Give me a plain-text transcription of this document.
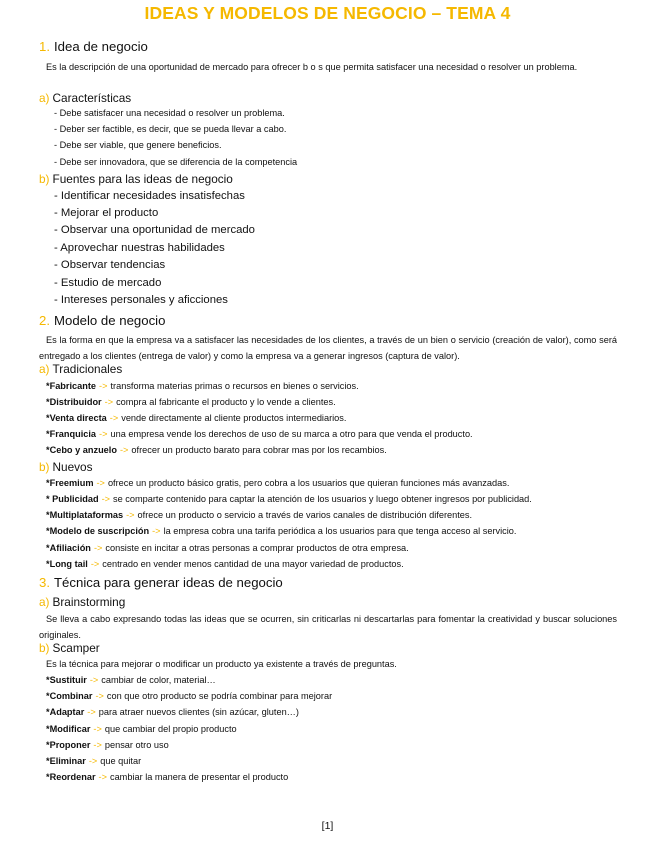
IDEAS Y MODELOS DE NEGOCIO – TEMA 4
1. Idea de negocio
Es la descripción de una oportunidad de mercado para ofrecer b o s que permita satisfacer una necesidad o resolver un problema.
a) Características
- Debe satisfacer una necesidad o resolver un problema.
- Deber ser factible, es decir, que se pueda llevar a cabo.
- Debe ser viable, que genere beneficios.
- Debe ser innovadora, que se diferencia de la competencia
b) Fuentes para las ideas de negocio
- Identificar necesidades insatisfechas
- Mejorar el producto
- Observar una oportunidad de mercado
- Aprovechar nuestras habilidades
- Observar tendencias
- Estudio de mercado
- Intereses personales y aficciones
2. Modelo de negocio
Es la forma en que la empresa va a satisfacer las necesidades de los clientes, a través de un bien o servicio (creación de valor), como será entregado a los clientes (entrega de valor) y como la empresa va a generar ingresos (captura de valor).
a) Tradicionales
*Fabricante -> transforma materias primas o recursos en bienes o servicios.
*Distribuidor -> compra al fabricante el producto y lo vende a clientes.
*Venta directa -> vende directamente al cliente productos intermediarios.
*Franquicia -> una empresa vende los derechos de uso de su marca a otro para que venda el producto.
*Cebo y anzuelo -> ofrecer un producto barato para cobrar mas por los recambios.
b) Nuevos
*Freemium -> ofrece un producto básico gratis, pero cobra a los usuarios que quieran funciones más avanzadas.
* Publicidad -> se comparte contenido para captar la atención de los usuarios y luego obtener ingresos por publicidad.
*Multiplataformas -> ofrece un producto o servicio a través de varios canales de distribución diferentes.
*Modelo de suscripción -> la empresa cobra una tarifa periódica a los usuarios para que tenga acceso al servicio.
*Afiliación -> consiste en incitar a otras personas a comprar productos de otra empresa.
*Long tail -> centrado en vender menos cantidad de una mayor variedad de productos.
3. Técnica para generar ideas de negocio
a) Brainstorming
Se lleva a cabo expresando todas las ideas que se ocurren, sin criticarlas ni descartarlas para fomentar la creatividad y buscar soluciones originales.
b) Scamper
Es la técnica para mejorar o modificar un producto ya existente a través de preguntas.
*Sustituir -> cambiar de color, material…
*Combinar -> con que otro producto se podría combinar para mejorar
*Adaptar -> para atraer nuevos clientes (sin azúcar, gluten…)
*Modificar -> que cambiar del propio producto
*Proponer -> pensar otro uso
*Eliminar -> que quitar
*Reordenar -> cambiar la manera de presentar el producto
[1]
